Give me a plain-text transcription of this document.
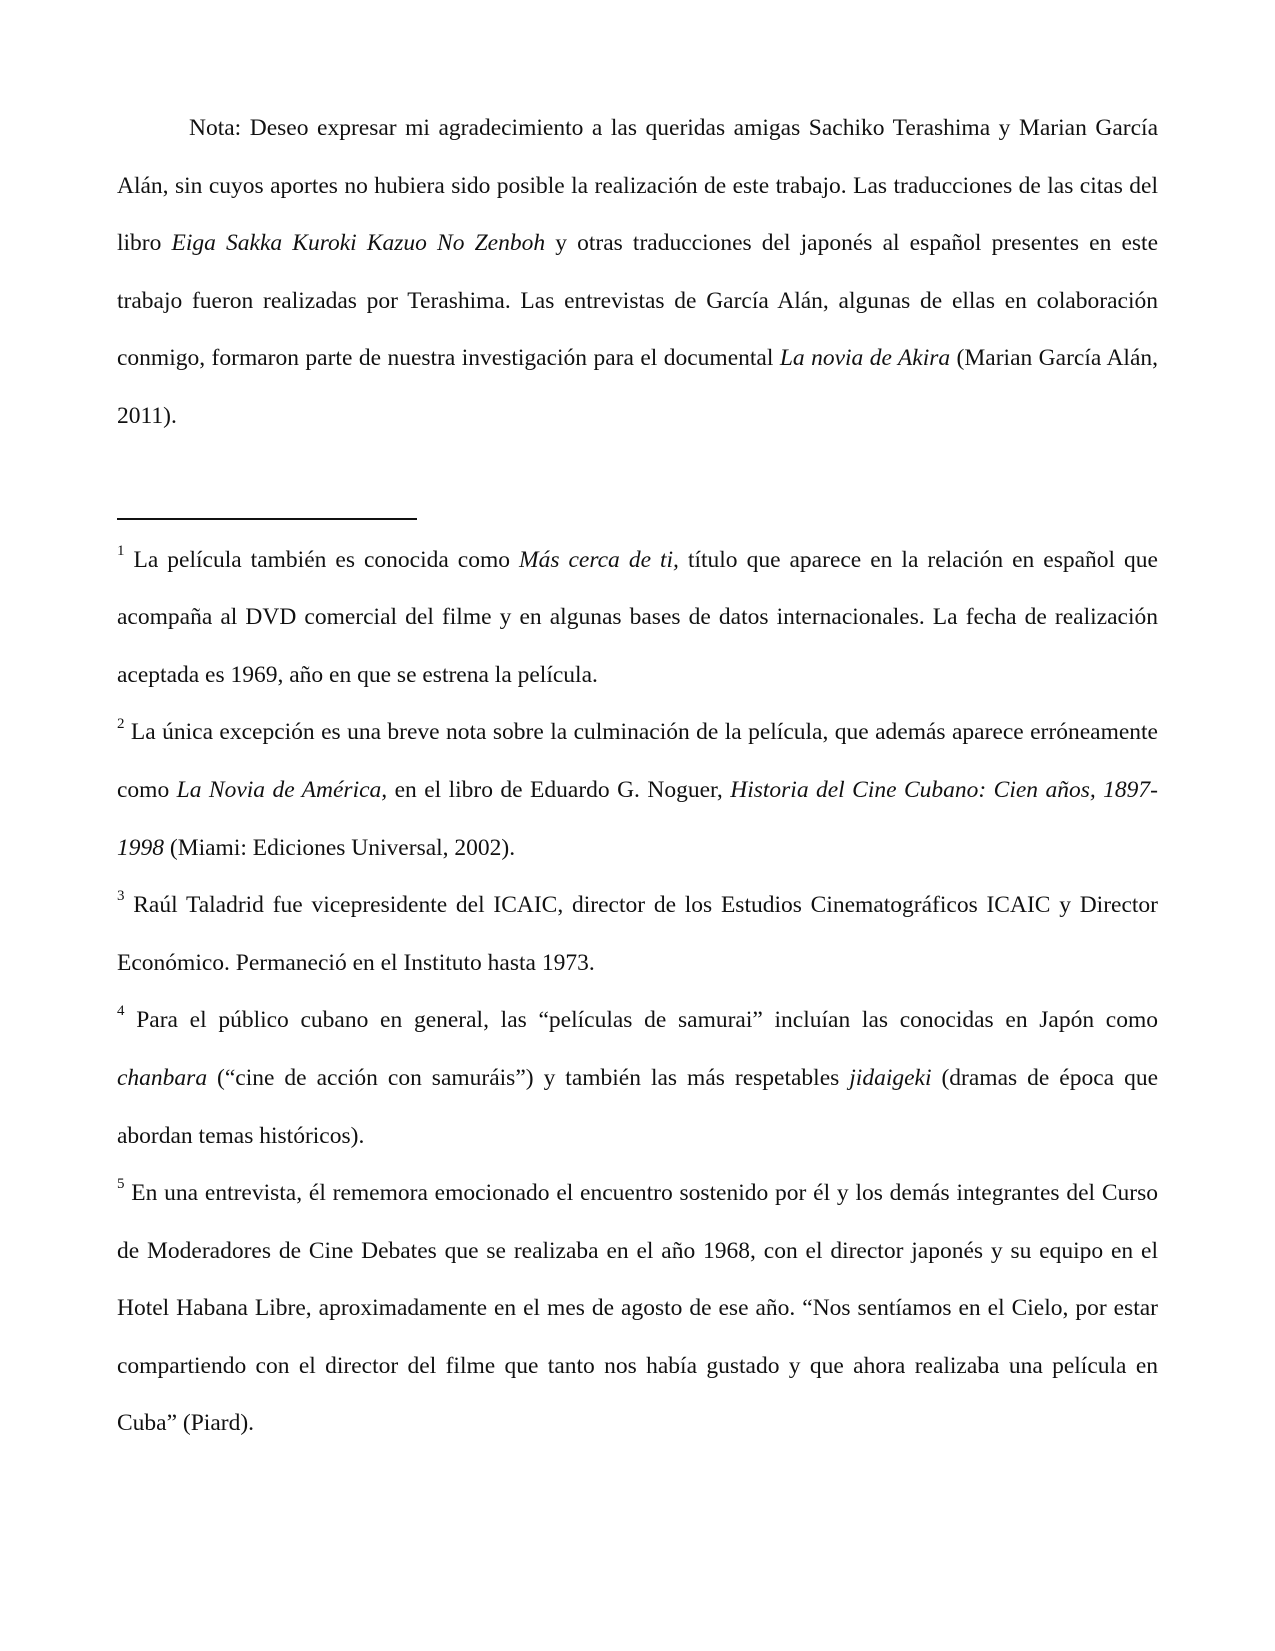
Nota: Deseo expresar mi agradecimiento a las queridas amigas Sachiko Terashima y Marian García Alán, sin cuyos aportes no hubiera sido posible la realización de este trabajo. Las traducciones de las citas del libro Eiga Sakka Kuroki Kazuo No Zenboh y otras traducciones del japonés al español presentes en este trabajo fueron realizadas por Terashima. Las entrevistas de García Alán, algunas de ellas en colaboración conmigo, formaron parte de nuestra investigación para el documental La novia de Akira (Marian García Alán, 2011).

$^1$ La película también es conocida como Más cerca de ti, título que aparece en la relación en español que acompaña al DVD comercial del filme y en algunas bases de datos internacionales. La fecha de realización aceptada es 1969, año en que se estrena la película.

$^2$ La única excepción es una breve nota sobre la culminación de la película, que además aparece erróneamente como La Novia de América, en el libro de Eduardo G. Noguer, Historia del Cine Cubano: Cien años, 1897-1998 (Miami: Ediciones Universal, 2002).

$^3$ Raúl Taladrid fue vicepresidente del ICAIC, director de los Estudios Cinematográficos ICAIC y Director Económico. Permaneció en el Instituto hasta 1973.

$^4$ Para el público cubano en general, las “películas de samurai” incluían las conocidas en Japón como chanbara (“cine de acción con samuráis”) y también las más respetables jidaigeki (dramas de época que abordan temas históricos).

$^5$ En una entrevista, él rememora emocionado el encuentro sostenido por él y los demás integrantes del Curso de Moderadores de Cine Debates que se realizaba en el año 1968, con el director japonés y su equipo en el Hotel Habana Libre, aproximadamente en el mes de agosto de ese año. “Nos sentíamos en el Cielo, por estar compartiendo con el director del filme que tanto nos había gustado y que ahora realizaba una película en Cuba” (Piard).
